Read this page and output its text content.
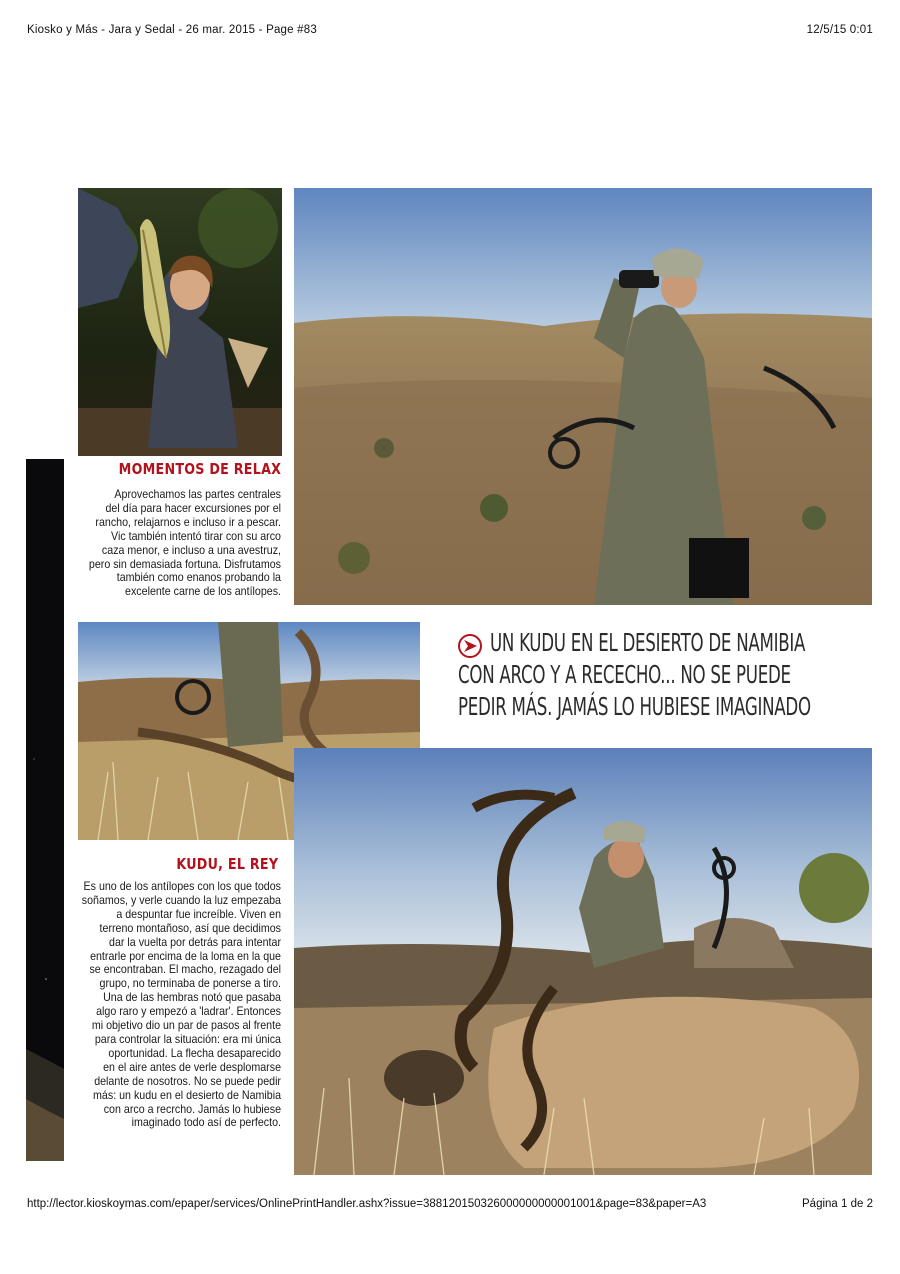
Kiosko y Más - Jara y Sedal - 26 mar. 2015 - Page #83	12/5/15 0:01
MOMENTOS DE RELAX
Aprovechamos las partes centrales
del día para hacer excursiones por el
rancho, relajarnos e incluso ir a pescar.
Vic también intentó tirar con su arco
caza menor, e incluso a una avestruz,
pero sin demasiada fortuna. Disfrutamos
también como enanos probando la
excelente carne de los antílopes.
UN KUDU EN EL DESIERTO DE NAMIBIA
CON ARCO Y A RECECHO... NO SE PUEDE
PEDIR MÁS. JAMÁS LO HUBIESE IMAGINADO
KUDU, EL REY
Es uno de los antílopes con los que todos
soñamos, y verle cuando la luz empezaba
a despuntar fue increíble. Viven en
terreno montañoso, así que decidimos
dar la vuelta por detrás para intentar
entrarle por encima de la loma en la que
se encontraban. El macho, rezagado del
grupo, no terminaba de ponerse a tiro.
Una de las hembras notó que pasaba
algo raro y empezó a 'ladrar'. Entonces
mi objetivo dio un par de pasos al frente
para controlar la situación: era mi única
oportunidad. La flecha desaparecido
en el aire antes de verle desplomarse
delante de nosotros. No se puede pedir
más: un kudu en el desierto de Namibia
con arco a recrcho. Jamás lo hubiese
imaginado todo así de perfecto.
http://lector.kioskoymas.com/epaper/services/OnlinePrintHandler.ashx?issue=388120150326000000000001001&page=83&paper=A3	Página 1 de 2
